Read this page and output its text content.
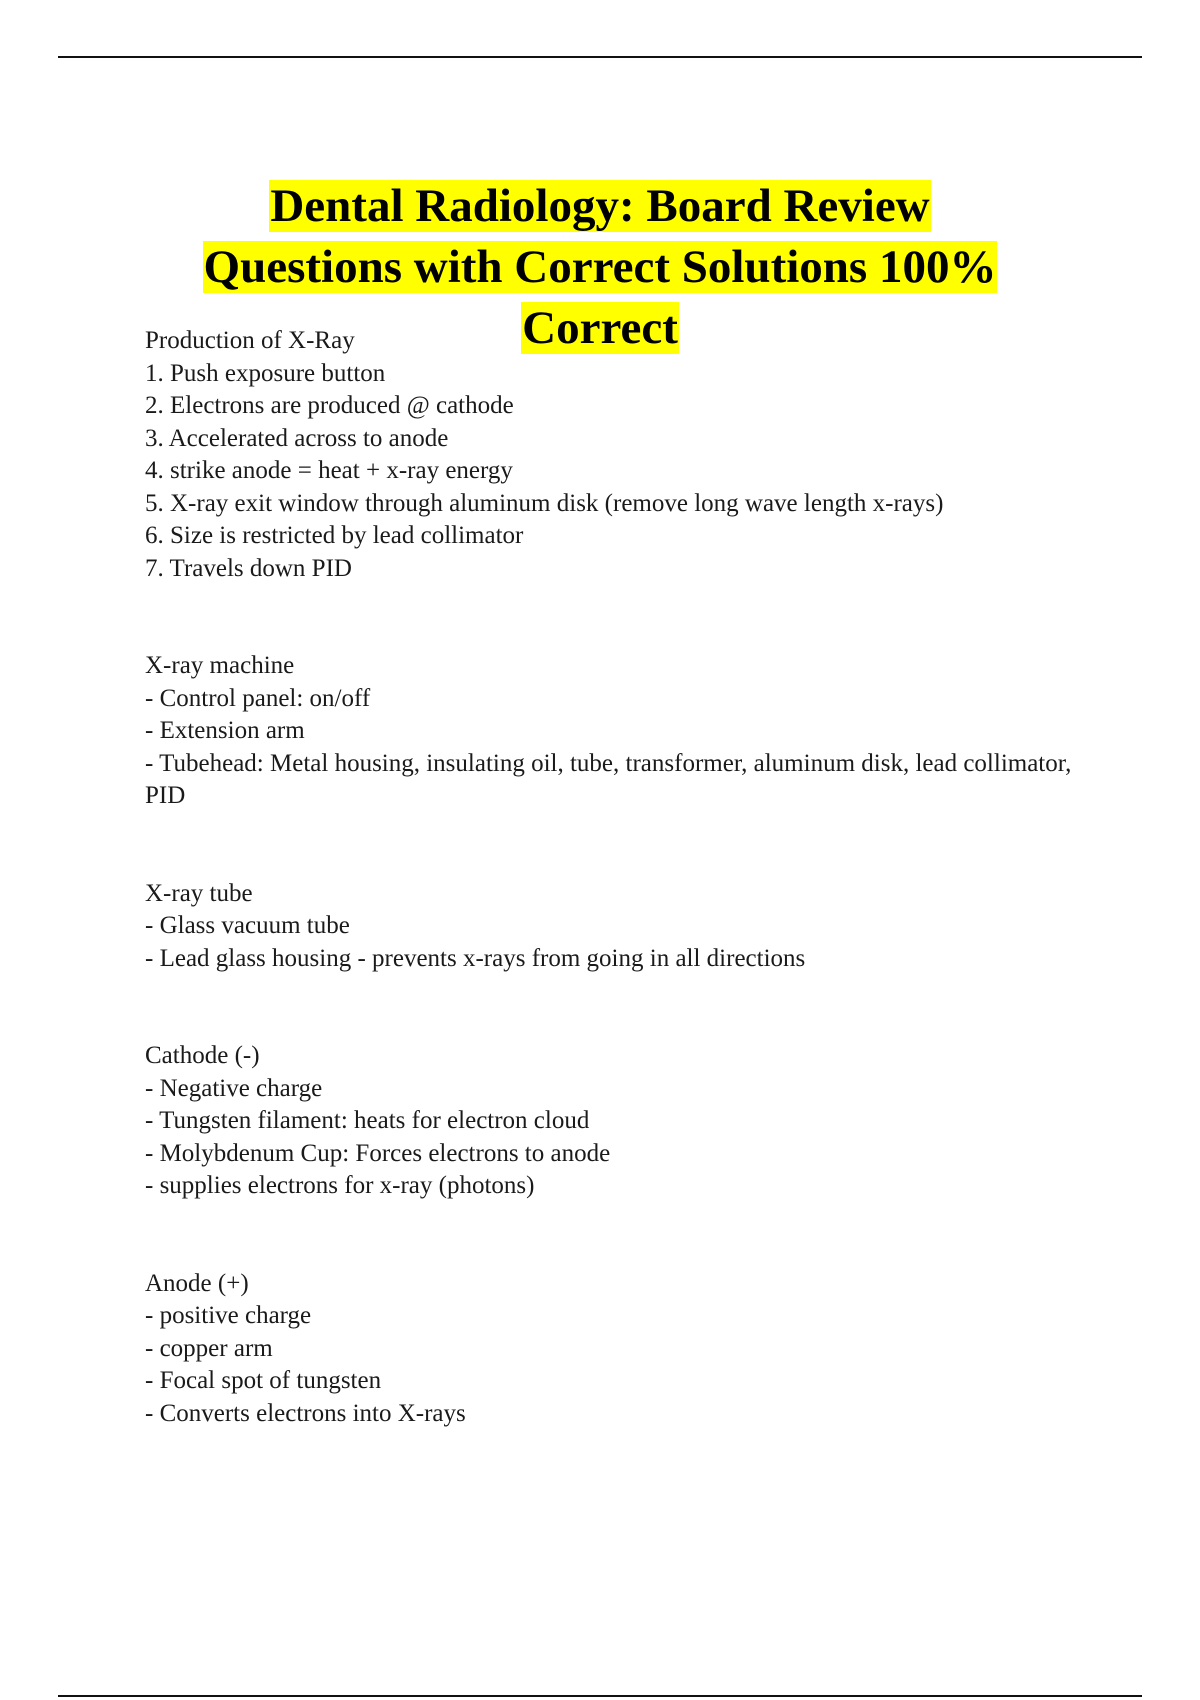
Dental Radiology: Board Review
Questions with Correct Solutions 100%
Correct
Production of X-Ray
1. Push exposure button
2. Electrons are produced @ cathode
3. Accelerated across to anode
4. strike anode = heat + x-ray energy
5. X-ray exit window through aluminum disk (remove long wave length x-rays)
6. Size is restricted by lead collimator
7. Travels down PID
X-ray machine
- Control panel: on/off
- Extension arm
- Tubehead: Metal housing, insulating oil, tube, transformer, aluminum disk, lead collimator, PID
X-ray tube
- Glass vacuum tube
- Lead glass housing - prevents x-rays from going in all directions
Cathode (-)
- Negative charge
- Tungsten filament: heats for electron cloud
- Molybdenum Cup: Forces electrons to anode
- supplies electrons for x-ray (photons)
Anode (+)
- positive charge
- copper arm
- Focal spot of tungsten
- Converts electrons into X-rays
